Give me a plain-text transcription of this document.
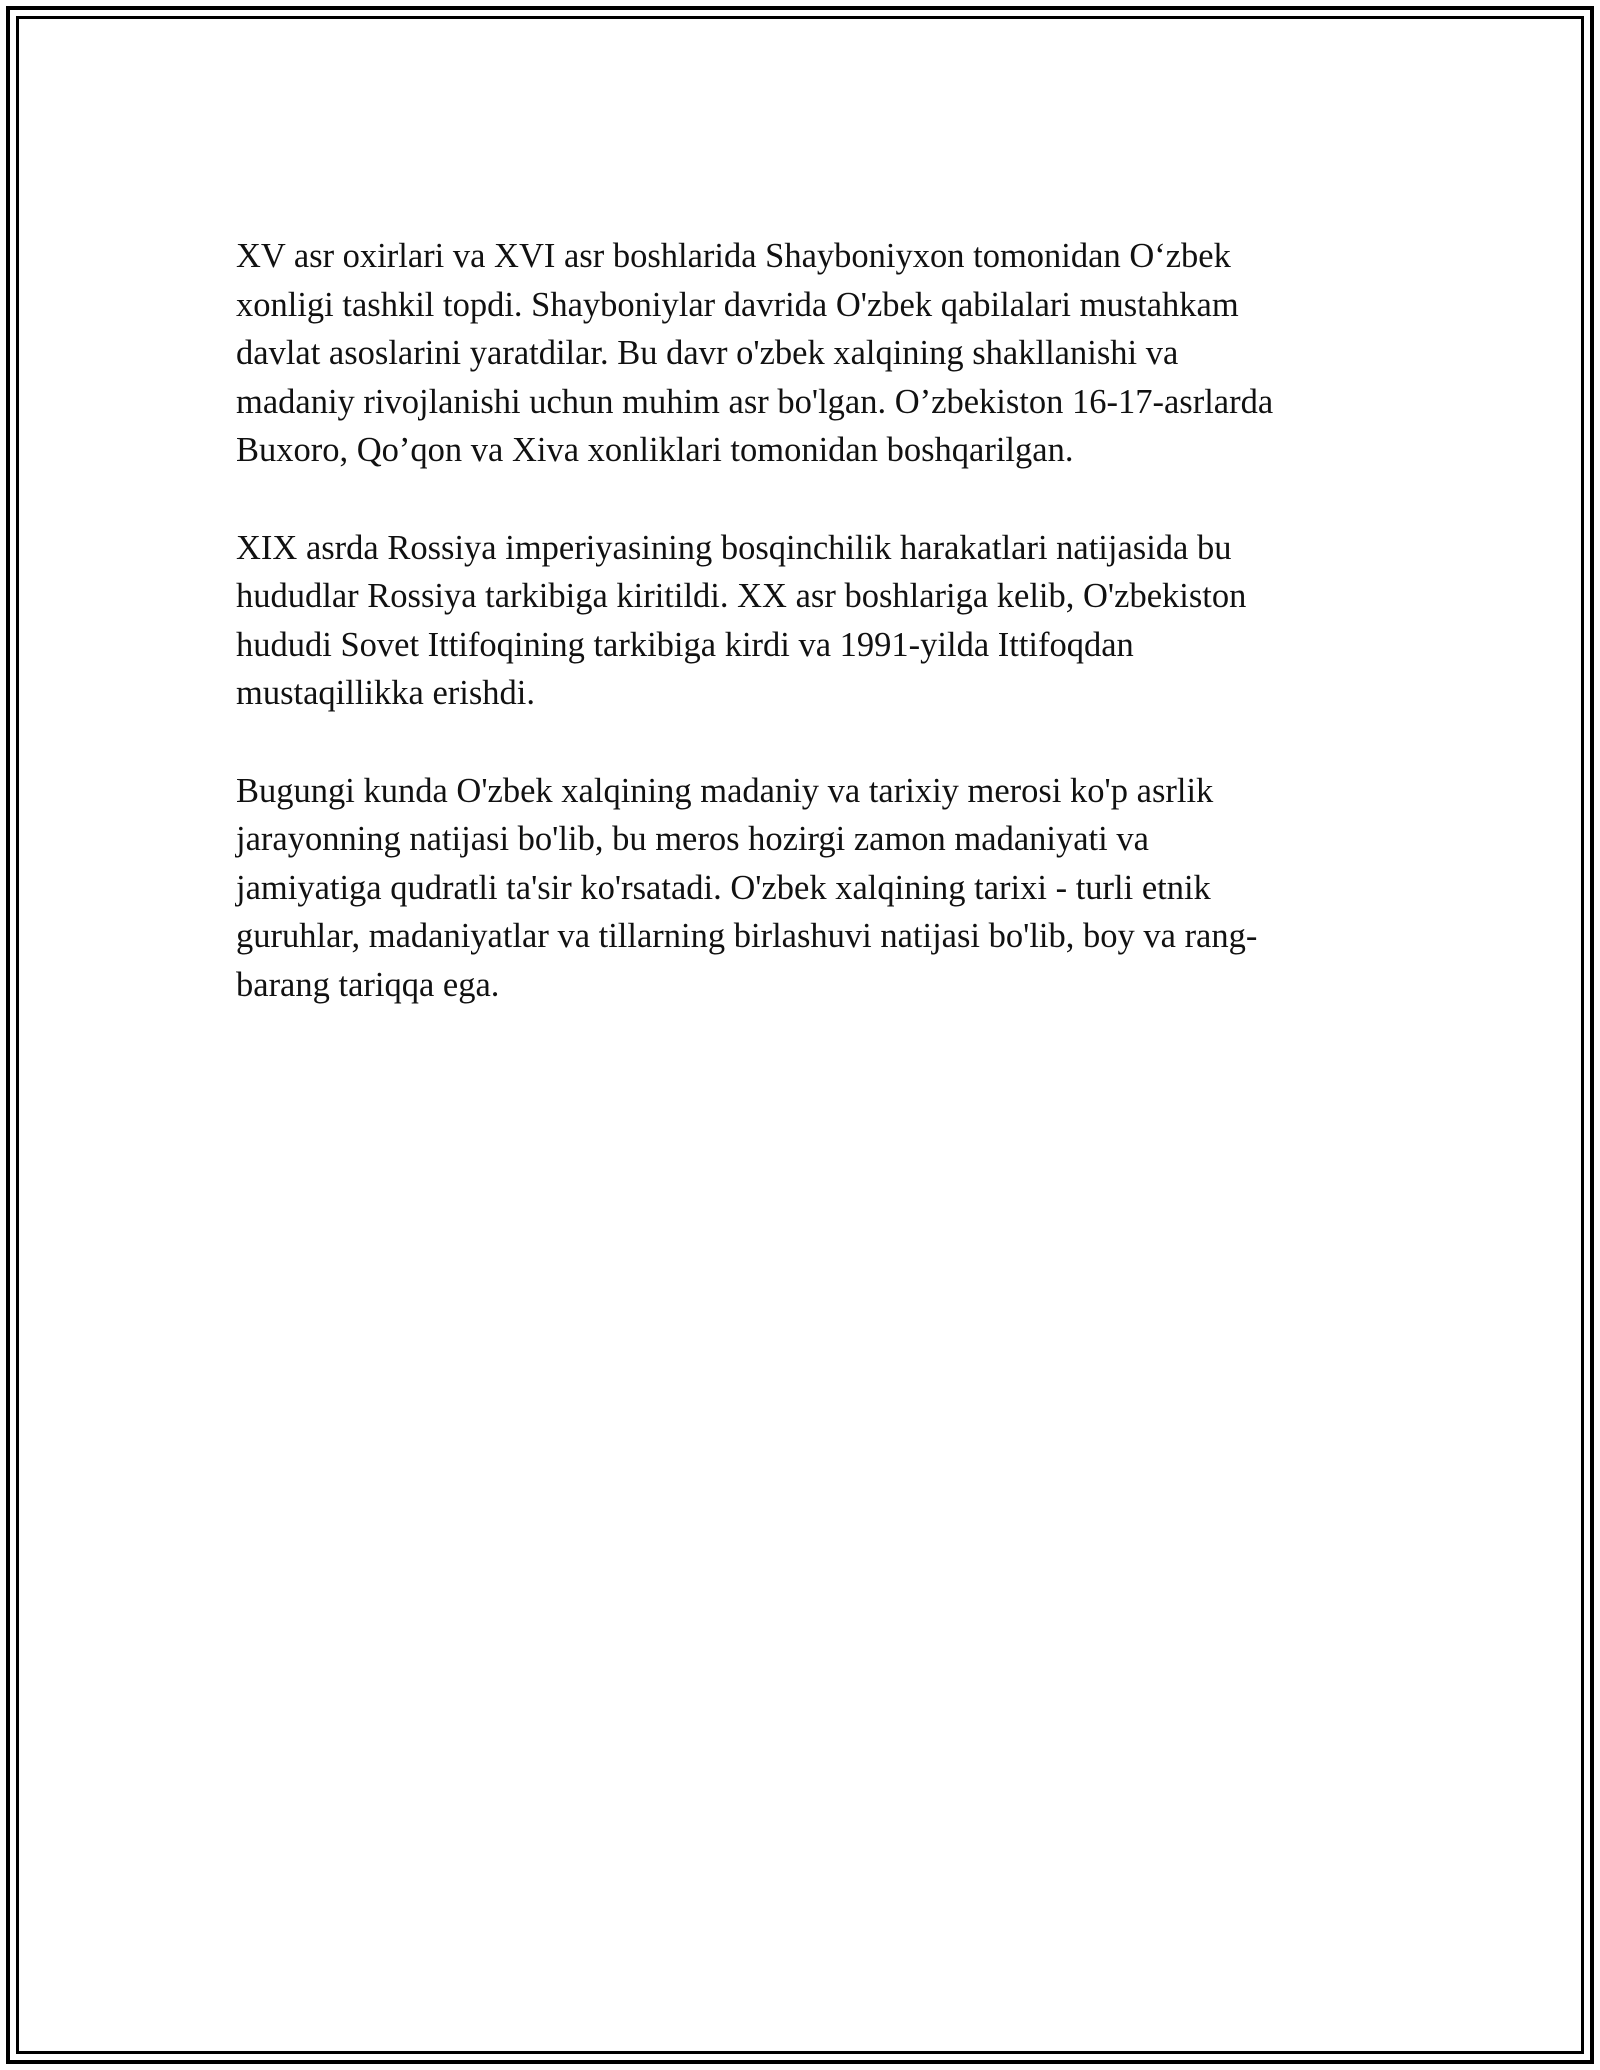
XV asr oxirlari va XVI asr boshlarida Shayboniyxon tomonidan O‘zbek
xonligi tashkil topdi. Shayboniylar davrida O'zbek qabilalari mustahkam
davlat asoslarini yaratdilar. Bu davr o'zbek xalqining shakllanishi va
madaniy rivojlanishi uchun muhim asr bo'lgan. O’zbekiston 16-17-asrlarda
Buxoro, Qo’qon va Xiva xonliklari tomonidan boshqarilgan.

XIX asrda Rossiya imperiyasining bosqinchilik harakatlari natijasida bu
hududlar Rossiya tarkibiga kiritildi. XX asr boshlariga kelib, O'zbekiston
hududi Sovet Ittifoqining tarkibiga kirdi va 1991-yilda Ittifoqdan
mustaqillikka erishdi.

Bugungi kunda O'zbek xalqining madaniy va tarixiy merosi ko'p asrlik
jarayonning natijasi bo'lib, bu meros hozirgi zamon madaniyati va
jamiyatiga qudratli ta'sir ko'rsatadi. O'zbek xalqining tarixi - turli etnik
guruhlar, madaniyatlar va tillarning birlashuvi natijasi bo'lib, boy va rang-
barang tariqqa ega.
